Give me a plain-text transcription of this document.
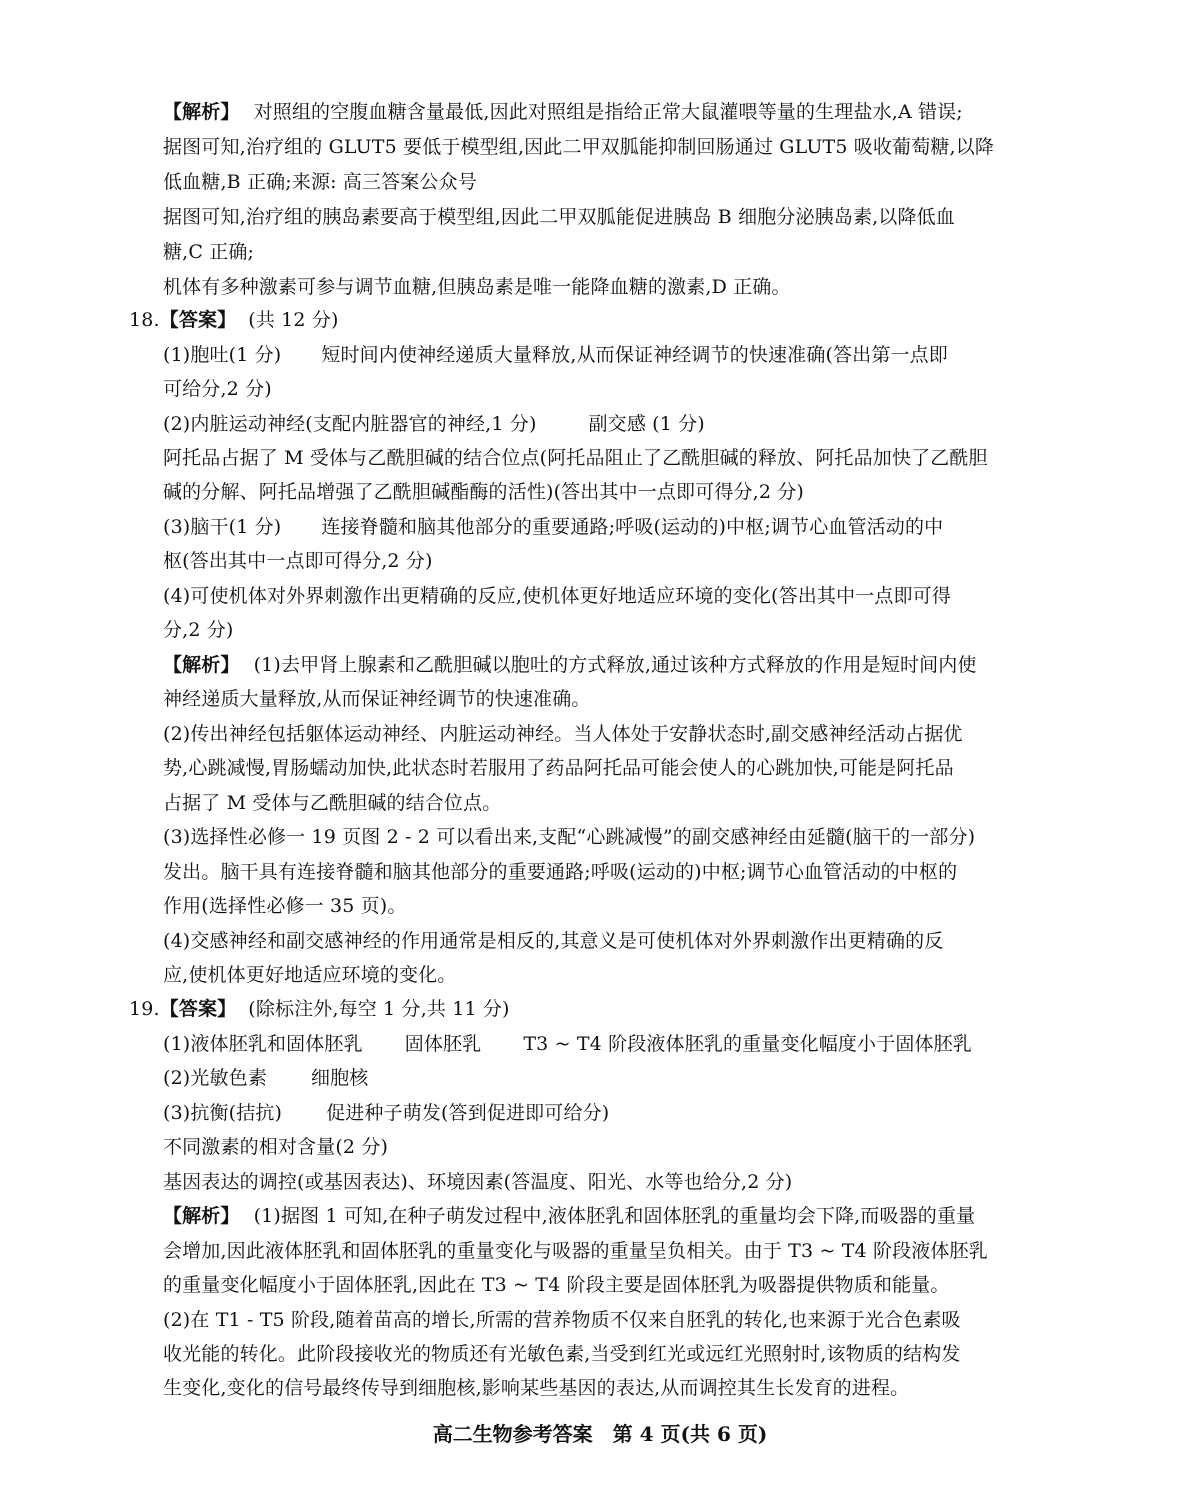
【解析】 对照组的空腹血糖含量最低,因此对照组是指给正常大鼠灌喂等量的生理盐水,A 错误;
据图可知,治疗组的 GLUT5 要低于模型组,因此二甲双胍能抑制回肠通过 GLUT5 吸收葡萄糖,以降
低血糖,B 正确;来源: 高三答案公众号
据图可知,治疗组的胰岛素要高于模型组,因此二甲双胍能促进胰岛 B 细胞分泌胰岛素,以降低血
糖,C 正确;
机体有多种激素可参与调节血糖,但胰岛素是唯一能降血糖的激素,D 正确。
18.【答案】 (共 12 分)
(1)胞吐(1 分) 短时间内使神经递质大量释放,从而保证神经调节的快速准确(答出第一点即
可给分,2 分)
(2)内脏运动神经(支配内脏器官的神经,1 分)	副交感 (1 分)
阿托品占据了 M 受体与乙酰胆碱的结合位点(阿托品阻止了乙酰胆碱的释放、阿托品加快了乙酰胆
碱的分解、阿托品增强了乙酰胆碱酯酶的活性)(答出其中一点即可得分,2 分)
(3)脑干(1 分) 连接脊髓和脑其他部分的重要通路;呼吸(运动的)中枢;调节心血管活动的中
枢(答出其中一点即可得分,2 分)
(4)可使机体对外界刺激作出更精确的反应,使机体更好地适应环境的变化(答出其中一点即可得
分,2 分)
【解析】 (1)去甲肾上腺素和乙酰胆碱以胞吐的方式释放,通过该种方式释放的作用是短时间内使
神经递质大量释放,从而保证神经调节的快速准确。
(2)传出神经包括躯体运动神经、内脏运动神经。当人体处于安静状态时,副交感神经活动占据优
势,心跳减慢,胃肠蠕动加快,此状态时若服用了药品阿托品可能会使人的心跳加快,可能是阿托品
占据了 M 受体与乙酰胆碱的结合位点。
(3)选择性必修一 19 页图 2 - 2 可以看出来,支配“心跳减慢”的副交感神经由延髓(脑干的一部分)
发出。脑干具有连接脊髓和脑其他部分的重要通路;呼吸(运动的)中枢;调节心血管活动的中枢的
作用(选择性必修一 35 页)。
(4)交感神经和副交感神经的作用通常是相反的,其意义是可使机体对外界刺激作出更精确的反
应,使机体更好地适应环境的变化。
19.【答案】 (除标注外,每空 1 分,共 11 分)
(1)液体胚乳和固体胚乳 固体胚乳 T3 ~ T4 阶段液体胚乳的重量变化幅度小于固体胚乳
(2)光敏色素 细胞核
(3)抗衡(拮抗) 促进种子萌发(答到促进即可给分)
不同激素的相对含量(2 分)
基因表达的调控(或基因表达)、环境因素(答温度、阳光、水等也给分,2 分)
【解析】 (1)据图 1 可知,在种子萌发过程中,液体胚乳和固体胚乳的重量均会下降,而吸器的重量
会增加,因此液体胚乳和固体胚乳的重量变化与吸器的重量呈负相关。由于 T3 ~ T4 阶段液体胚乳
的重量变化幅度小于固体胚乳,因此在 T3 ~ T4 阶段主要是固体胚乳为吸器提供物质和能量。
(2)在 T1 - T5 阶段,随着苗高的增长,所需的营养物质不仅来自胚乳的转化,也来源于光合色素吸
收光能的转化。此阶段接收光的物质还有光敏色素,当受到红光或远红光照射时,该物质的结构发
生变化,变化的信号最终传导到细胞核,影响某些基因的表达,从而调控其生长发育的进程。
高二生物参考答案　第 4 页(共 6 页)
